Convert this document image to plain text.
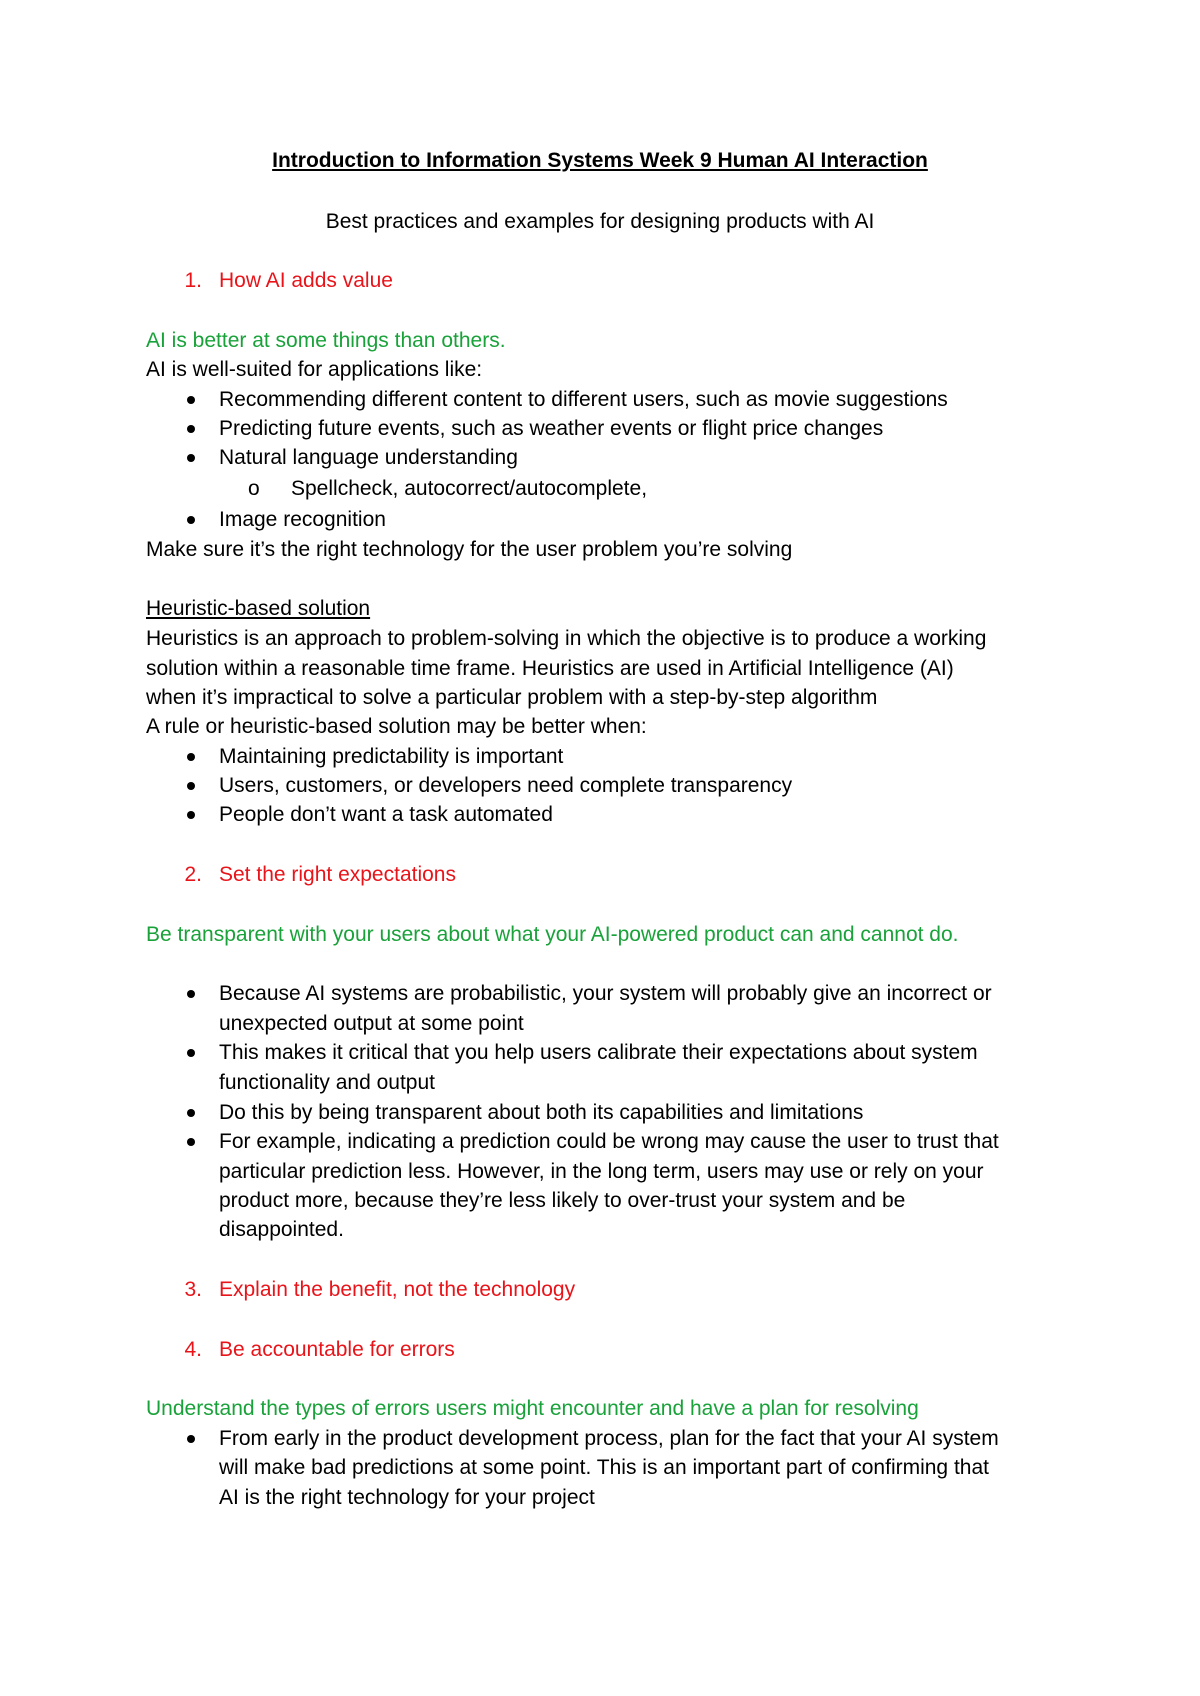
Introduction to Information Systems Week 9 Human AI Interaction
Best practices and examples for designing products with AI
1. How AI adds value
AI is better at some things than others.
AI is well-suited for applications like:
Recommending different content to different users, such as movie suggestions
Predicting future events, such as weather events or flight price changes
Natural language understanding
o Spellcheck, autocorrect/autocomplete,
Image recognition
Make sure it’s the right technology for the user problem you’re solving
Heuristic-based solution
Heuristics is an approach to problem-solving in which the objective is to produce a working
solution within a reasonable time frame. Heuristics are used in Artificial Intelligence (AI)
when it’s impractical to solve a particular problem with a step-by-step algorithm
A rule or heuristic-based solution may be better when:
Maintaining predictability is important
Users, customers, or developers need complete transparency
People don’t want a task automated
2. Set the right expectations
Be transparent with your users about what your AI-powered product can and cannot do.
Because AI systems are probabilistic, your system will probably give an incorrect or
unexpected output at some point
This makes it critical that you help users calibrate their expectations about system
functionality and output
Do this by being transparent about both its capabilities and limitations
For example, indicating a prediction could be wrong may cause the user to trust that
particular prediction less. However, in the long term, users may use or rely on your
product more, because they’re less likely to over-trust your system and be
disappointed.
3. Explain the benefit, not the technology
4. Be accountable for errors
Understand the types of errors users might encounter and have a plan for resolving
From early in the product development process, plan for the fact that your AI system
will make bad predictions at some point. This is an important part of confirming that
AI is the right technology for your project
